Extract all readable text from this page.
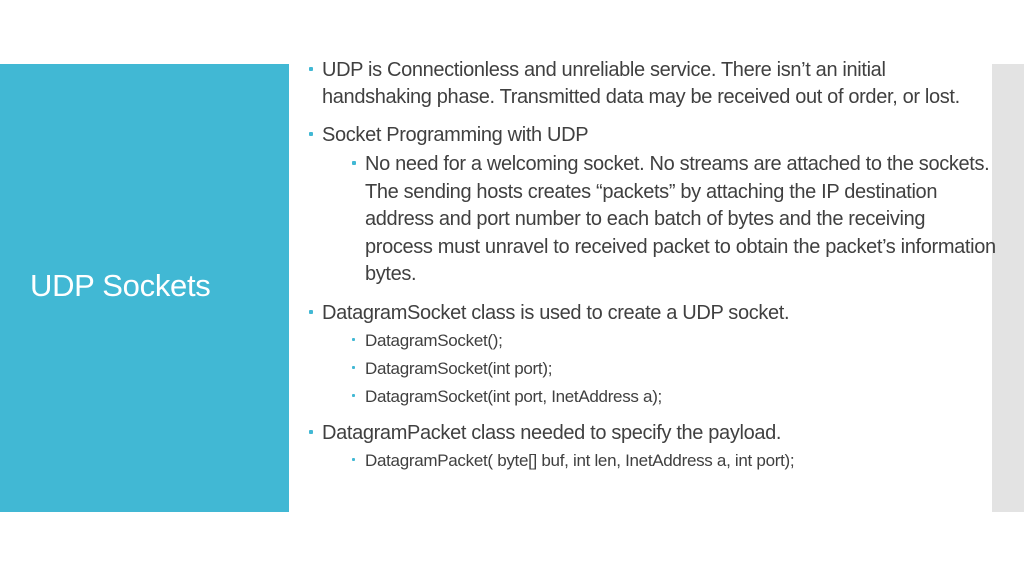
UDP Sockets
UDP is Connectionless and unreliable service. There isn’t an initial handshaking phase. Transmitted data may be received out of order, or lost.
Socket Programming with UDP
No need for a welcoming socket. No streams are attached to the sockets. The sending hosts creates “packets” by attaching the IP destination address and port number to each batch of bytes and the receiving process must unravel to received packet to obtain the packet’s information bytes.
DatagramSocket class is used to create a UDP socket.
DatagramSocket();
DatagramSocket(int port);
DatagramSocket(int port, InetAddress a);
DatagramPacket class needed to specify the payload.
DatagramPacket( byte[] buf, int len, InetAddress a, int port);
